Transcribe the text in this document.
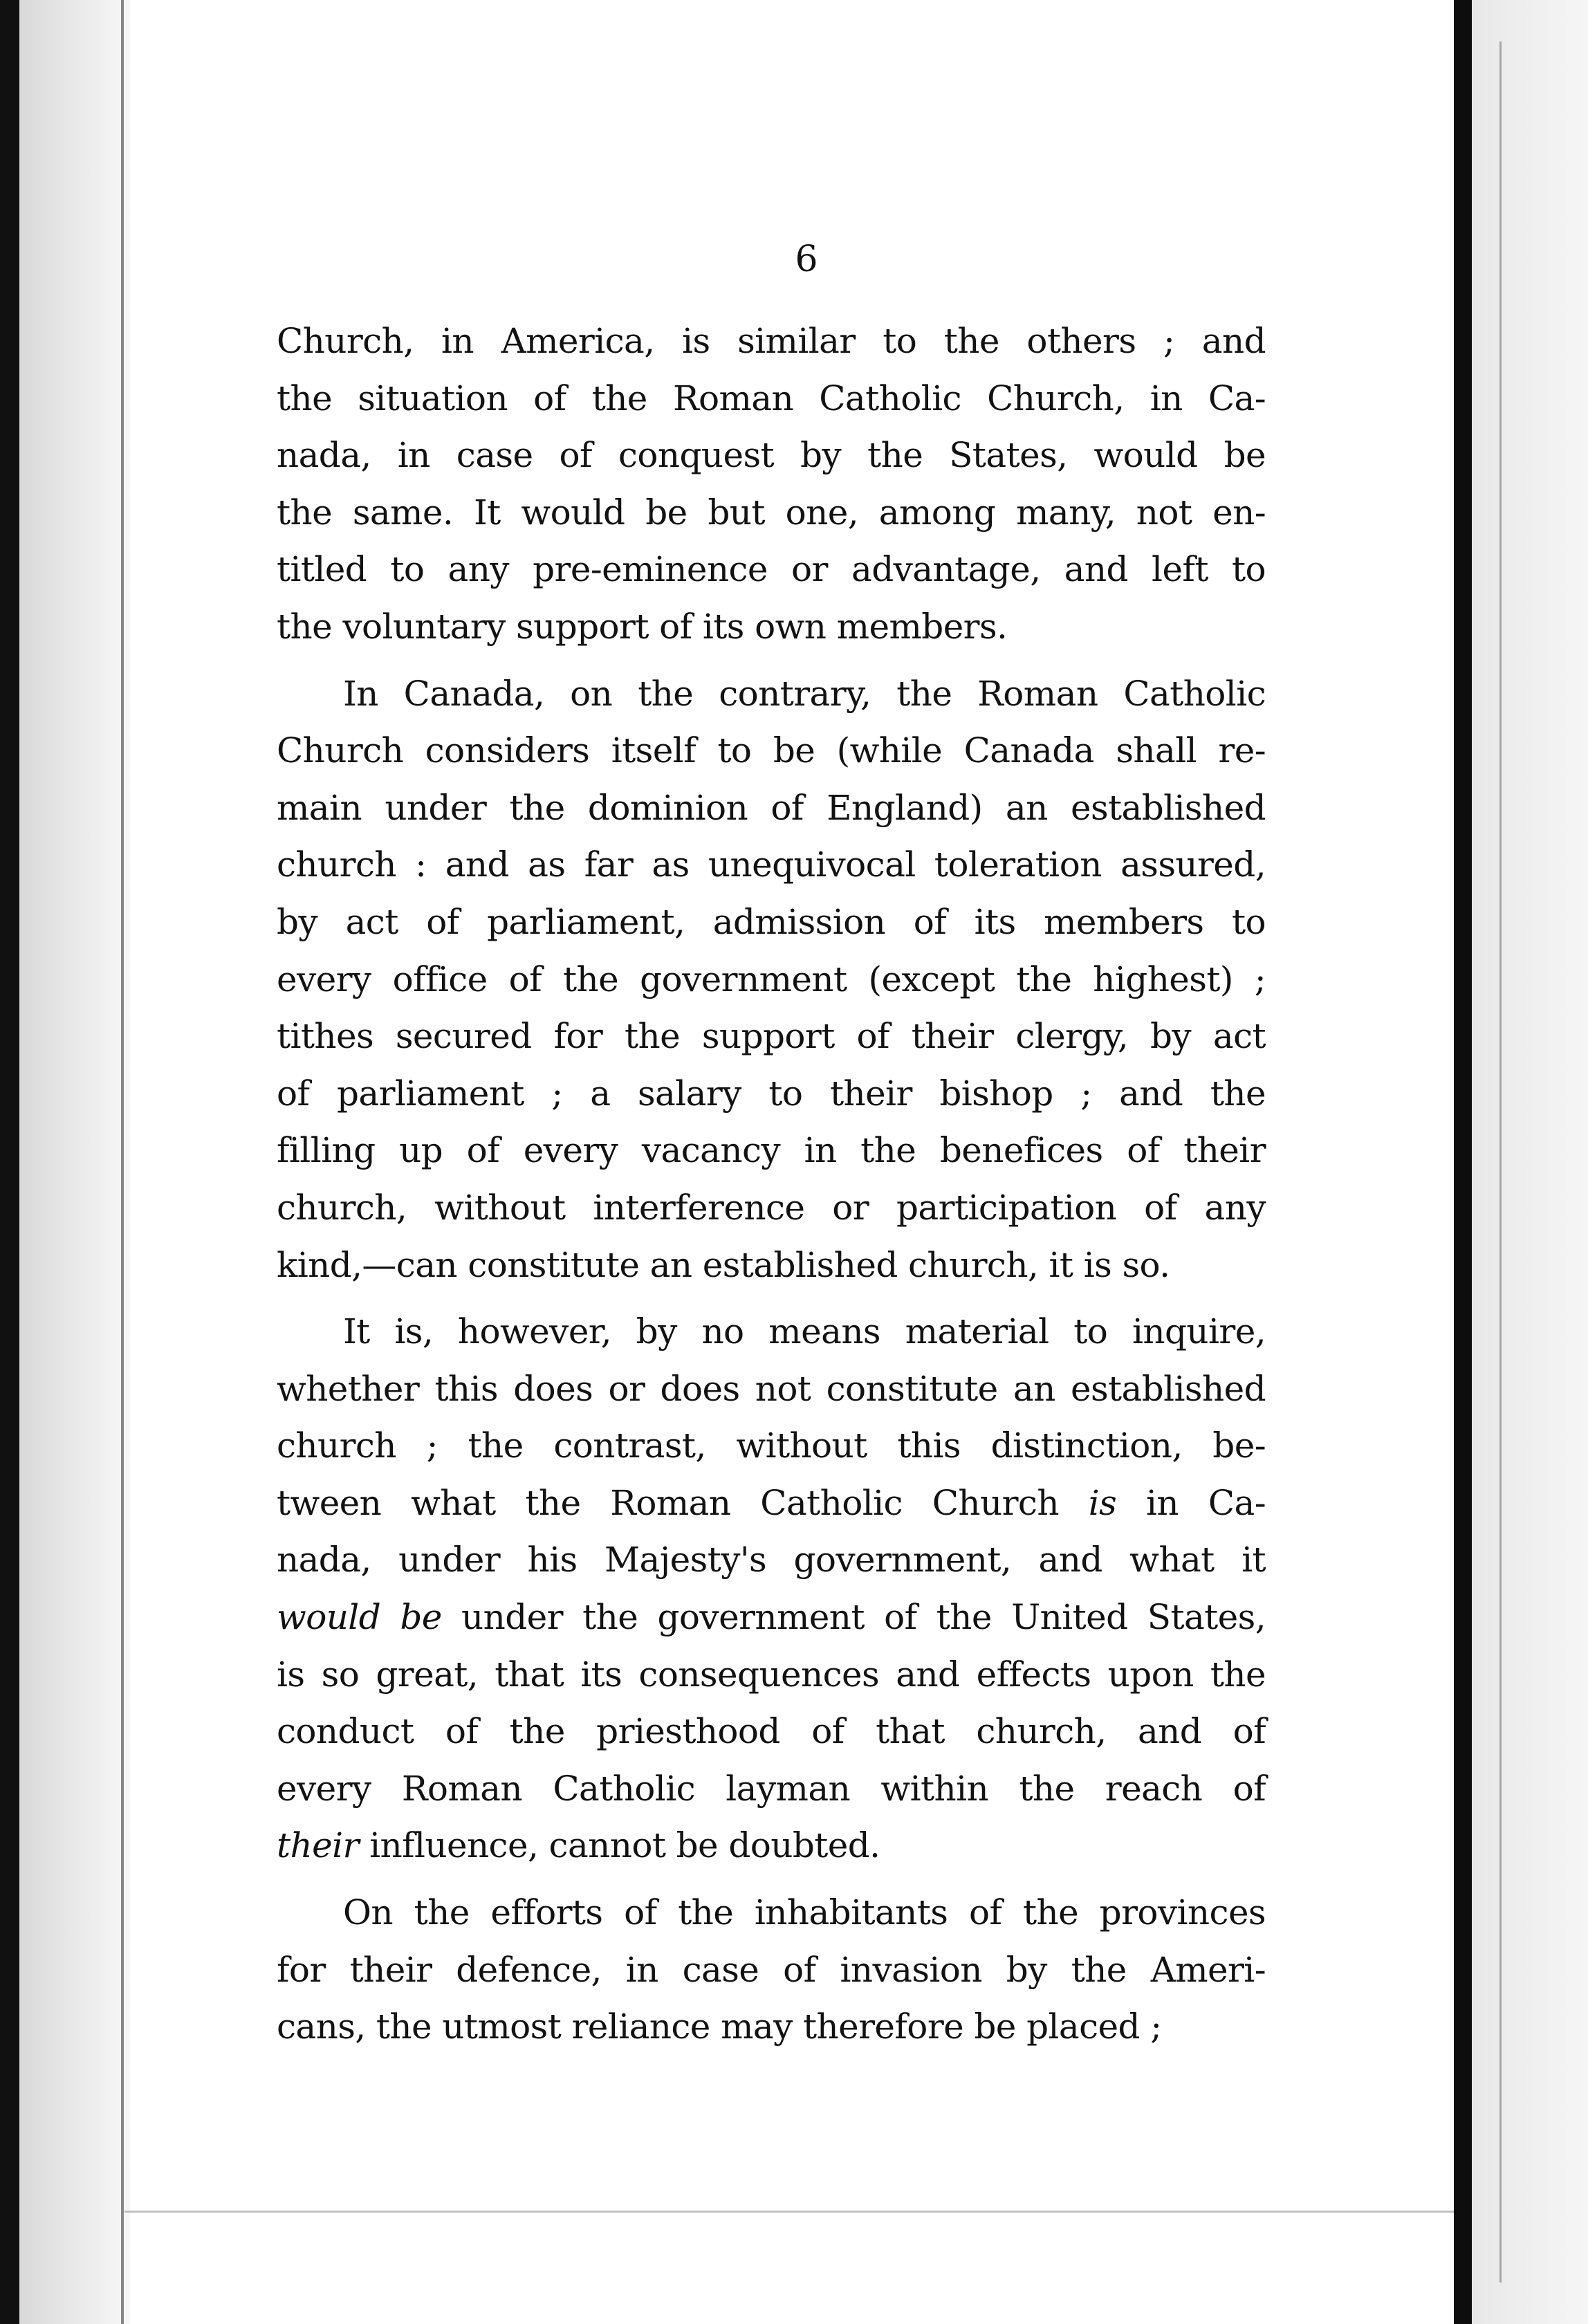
6
Church, in America, is similar to the others ; and
the situation of the Roman Catholic Church, in Ca-
nada, in case of conquest by the States, would be
the same. It would be but one, among many, not en-
titled to any pre-eminence or advantage, and left to
the voluntary support of its own members.
In Canada, on the contrary, the Roman Catholic
Church considers itself to be (while Canada shall re-
main under the dominion of England) an established
church : and as far as unequivocal toleration assured,
by act of parliament, admission of its members to
every office of the government (except the highest) ;
tithes secured for the support of their clergy, by act
of parliament ; a salary to their bishop ; and the
filling up of every vacancy in the benefices of their
church, without interference or participation of any
kind,—can constitute an established church, it is so.
It is, however, by no means material to inquire,
whether this does or does not constitute an established
church ; the contrast, without this distinction, be-
tween what the Roman Catholic Church is in Ca-
nada, under his Majesty's government, and what it
would be under the government of the United States,
is so great, that its consequences and effects upon the
conduct of the priesthood of that church, and of
every Roman Catholic layman within the reach of
their influence, cannot be doubted.
On the efforts of the inhabitants of the provinces
for their defence, in case of invasion by the Ameri-
cans, the utmost reliance may therefore be placed ;
